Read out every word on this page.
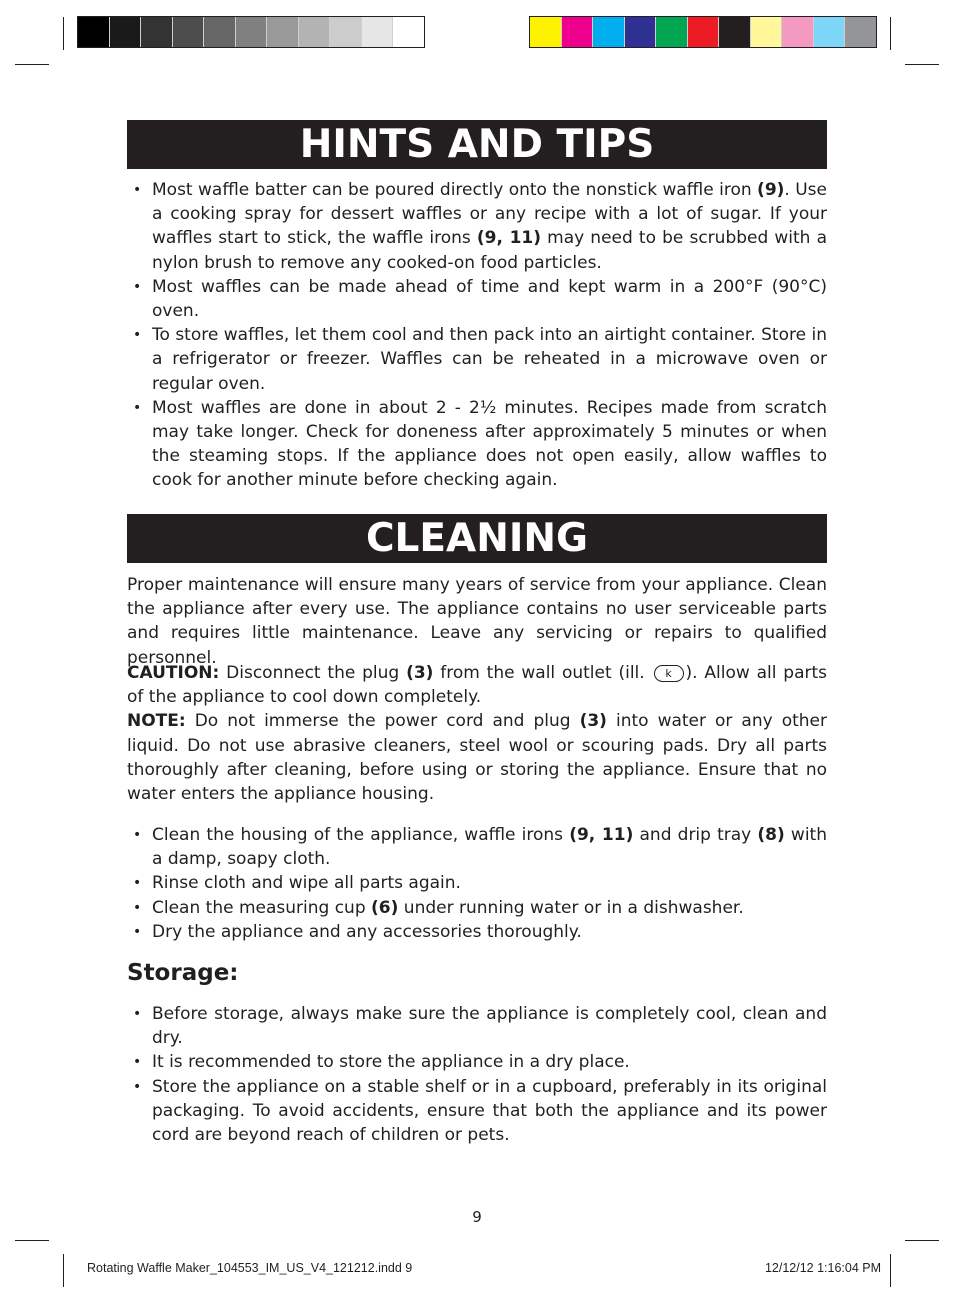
HINTS AND TIPS
• Most waffle batter can be poured directly onto the nonstick waffle iron (9). Use a cooking spray for dessert waffles or any recipe with a lot of sugar. If your waffles start to stick, the waffle irons (9, 11) may need to be scrubbed with a nylon brush to remove any cooked-on food particles.
• Most waffles can be made ahead of time and kept warm in a 200°F (90°C) oven.
• To store waffles, let them cool and then pack into an airtight container. Store in a refrigerator or freezer. Waffles can be reheated in a microwave oven or regular oven.
• Most waffles are done in about 2 - 2½ minutes. Recipes made from scratch may take longer. Check for doneness after approximately 5 minutes or when the steaming stops. If the appliance does not open easily, allow waffles to cook for another minute before checking again.
CLEANING
Proper maintenance will ensure many years of service from your appliance. Clean the appliance after every use. The appliance contains no user serviceable parts and requires little maintenance. Leave any servicing or repairs to qualified personnel.
CAUTION: Disconnect the plug (3) from the wall outlet (ill. k ). Allow all parts of the appliance to cool down completely.
NOTE: Do not immerse the power cord and plug (3) into water or any other liquid. Do not use abrasive cleaners, steel wool or scouring pads. Dry all parts thoroughly after cleaning, before using or storing the appliance. Ensure that no water enters the appliance housing.
• Clean the housing of the appliance, waffle irons (9, 11) and drip tray (8) with a damp, soapy cloth.
• Rinse cloth and wipe all parts again.
• Clean the measuring cup (6) under running water or in a dishwasher.
• Dry the appliance and any accessories thoroughly.
Storage:
• Before storage, always make sure the appliance is completely cool, clean and dry.
• It is recommended to store the appliance in a dry place.
• Store the appliance on a stable shelf or in a cupboard, preferably in its original packaging. To avoid accidents, ensure that both the appliance and its power cord are beyond reach of children or pets.
9
Rotating Waffle Maker_104553_IM_US_V4_121212.indd 9	12/12/12 1:16:04 PM
